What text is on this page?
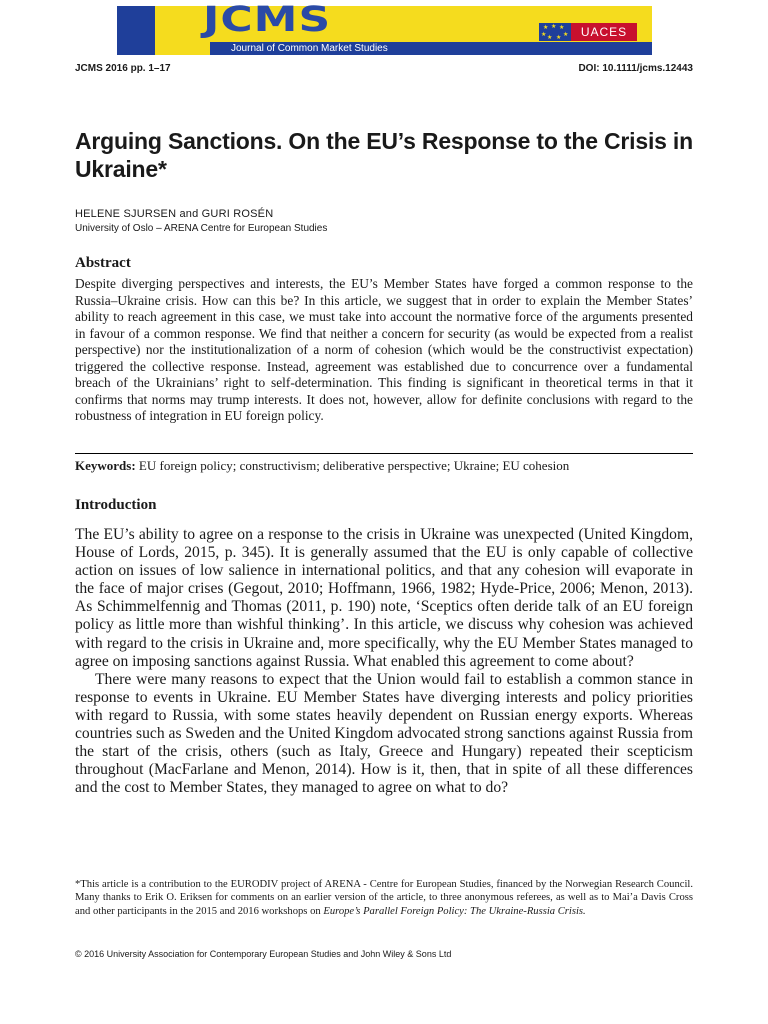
JCMS
Journal of Common Market Studies
★ ★ ★
★	★
★ ★	UACES
JCMS 2016 pp. 1–17	DOI: 10.1111/jcms.12443
Arguing Sanctions. On the EU’s Response to the Crisis in Ukraine*
HELENE SJURSEN and GURI ROSÉN
University of Oslo – ARENA Centre for European Studies
Abstract
Despite diverging perspectives and interests, the EU’s Member States have forged a common response to the Russia–Ukraine crisis. How can this be? In this article, we suggest that in order to explain the Member States’ ability to reach agreement in this case, we must take into account the normative force of the arguments presented in favour of a common response. We find that neither a concern for security (as would be expected from a realist perspective) nor the institutionalization of a norm of cohesion (which would be the constructivist expectation) triggered the collective response. Instead, agreement was established due to concurrence over a fundamental breach of the Ukrainians’ right to self-determination. This finding is significant in theoretical terms in that it confirms that norms may trump interests. It does not, however, allow for definite conclusions with regard to the robustness of integration in EU foreign policy.
Keywords: EU foreign policy; constructivism; deliberative perspective; Ukraine; EU cohesion
Introduction

The EU’s ability to agree on a response to the crisis in Ukraine was unexpected (United Kingdom, House of Lords, 2015, p. 345). It is generally assumed that the EU is only capable of collective action on issues of low salience in international politics, and that any cohesion will evaporate in the face of major crises (Gegout, 2010; Hoffmann, 1966, 1982; Hyde-Price, 2006; Menon, 2013). As Schimmelfennig and Thomas (2011, p. 190) note, ‘Sceptics often deride talk of an EU foreign policy as little more than wishful thinking’. In this article, we discuss why cohesion was achieved with regard to the crisis in Ukraine and, more specifically, why the EU Member States managed to agree on imposing sanctions against Russia. What enabled this agreement to come about?

There were many reasons to expect that the Union would fail to establish a common stance in response to events in Ukraine. EU Member States have diverging interests and policy priorities with regard to Russia, with some states heavily dependent on Russian energy exports. Whereas countries such as Sweden and the United Kingdom advocated strong sanctions against Russia from the start of the crisis, others (such as Italy, Greece and Hungary) repeated their scepticism throughout (MacFarlane and Menon, 2014). How is it, then, that in spite of all these differences and the cost to Member States, they managed to agree on what to do?

*This article is a contribution to the EURODIV project of ARENA - Centre for European Studies, financed by the Norwegian Research Council. Many thanks to Erik O. Eriksen for comments on an earlier version of the article, to three anonymous referees, as well as to Mai’a Davis Cross and other participants in the 2015 and 2016 workshops on Europe’s Parallel Foreign Policy: The Ukraine-Russia Crisis.
© 2016 University Association for Contemporary European Studies and John Wiley & Sons Ltd
